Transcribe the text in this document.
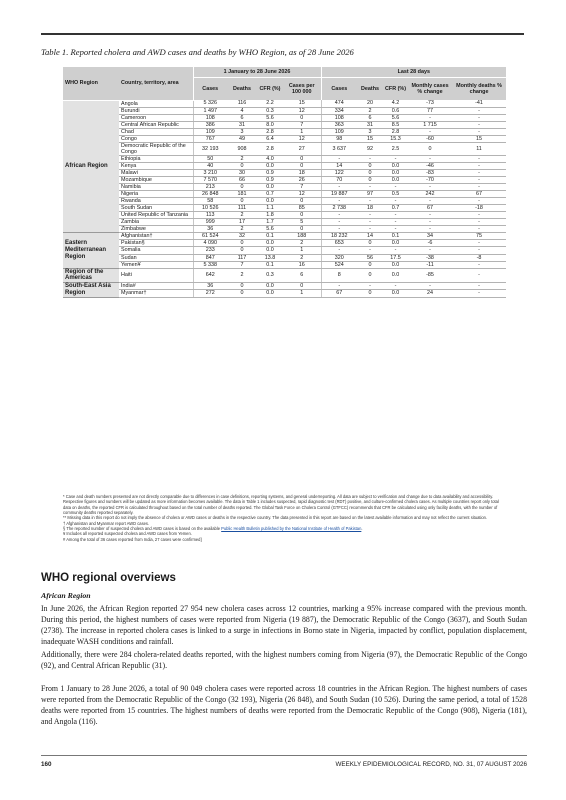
Table 1. Reported cholera and AWD cases and deaths by WHO Region, as of 28 June 2026
WHO Region	Country, territory, area	1 January to 28 June 2026				Last 28 days				
		Cases	Deaths	CFR (%)	Cases per 100 000	Cases	Deaths	CFR (%)	Monthly cases % change	Monthly deaths % change
African Region	Angola	5 326	116	2.2	15	474	20	4.2	-73	-41
	Burundi	1 497	4	0.3	12	334	2	0.6	77	-
	Cameroon	108	6	5.6	0	108	6	5.6	-	-
	Central African Republic	386	31	8.0	7	363	31	8.5	1 715	-
	Chad	109	3	2.8	1	109	3	2.8	-	-
	Congo	767	49	6.4	12	98	15	15.3	-60	15
	Democratic Republic of the Congo	32 193	908	2.8	27	3 637	92	2.5	0	11
	Ethiopia	50	2	4.0	0	-	-	-	-	-
	Kenya	40	0	0.0	0	14	0	0.0	-46	-
	Malawi	3 210	30	0.9	18	122	0	0.0	-83	-
	Mozambique	7 570	66	0.9	26	70	0	0.0	-70	-
	Namibia	213	0	0.0	7	-	-	-	-	-
	Nigeria	26 848	181	0.7	12	19 887	97	0.5	242	67
	Rwanda	58	0	0.0	0	-	-	-	-	-
	South Sudan	10 526	111	1.1	85	2 738	18	0.7	67	-18
	United Republic of Tanzania	113	2	1.8	0	-	-	-	-	-
	Zambia	999	17	1.7	5	-	-	-	-	-
	Zimbabwe	36	2	5.6	0	-	-	-	-	-
Eastern Mediterranean Region	Afghanistan†	61 524	32	0.1	188	18 232	14	0.1	34	75
	Pakistan§	4 090	0	0.0	2	653	0	0.0	-6	-
	Somalia	233	0	0.0	1	-	-	-	-	-
	Sudan	847	117	13.8	2	320	56	17.5	-38	-8
	Yemen¥	5 338	7	0.1	16	524	0	0.0	-11	-
Region of the Americas	Haiti	642	2	0.3	6	8	0	0.0	-85	-
South-East Asia Region	India#	36	0	0.0	0	-	-	-	-	-
	Myanmar†	272	0	0.0	1	67	0	0.0	24	-

* Case and death numbers presented are not directly comparable due to differences in case definitions, reporting systems, and general underreporting. All data are subject to verification and change due to data availability and accessibility. Respective figures and numbers will be updated as more information becomes available. The data in Table 1 includes suspected, rapid diagnostic test (RDT) positive, and culture-confirmed cholera cases. As multiple countries report only total data on deaths, the reported CFR is calculated throughout based on the total number of deaths reported. The Global Task Force on Cholera Control (GTFCC) recommends that CFR be calculated using only facility deaths, with the number of community deaths reported separately.

** Missing data in this report do not imply the absence of cholera or AWD cases or deaths in the respective country. The data presented in this report are based on the latest available information and may not reflect the current situation.

† Afghanistan and Myanmar report AWD cases.

§ The reported number of suspected cholera and AWD cases is based on the available Public Health Bulletin published by the National Institute of Health of Pakistan.

¥ Includes all reported suspected cholera and AWD cases from Yemen.

# Among the total of 36 cases reported from India, 27 cases were confirmed]

WHO regional overviews
African Region

In June 2026, the African Region reported 27 954 new cholera cases across 12 countries, marking a 95% increase compared with the previous month. During this period, the highest numbers of cases were reported from Nigeria (19 887), the Democratic Republic of the Congo (3637), and South Sudan (2738). The increase in reported cholera cases is linked to a surge in infections in Borno state in Nigeria, impacted by conflict, population displacement, inadequate WASH conditions and rainfall.

Additionally, there were 284 cholera-related deaths reported, with the highest numbers coming from Nigeria (97), the Democratic Republic of the Congo (92), and Central African Republic (31).

From 1 January to 28 June 2026, a total of 90 049 cholera cases were reported across 18 countries in the African Region. The highest numbers of cases were reported from the Democratic Republic of the Congo (32 193), Nigeria (26 848), and South Sudan (10 526). During the same period, a total of 1528 deaths were reported from 15 countries. The highest numbers of deaths were reported from the Democratic Republic of the Congo (908), Nigeria (181), and Angola (116).

160	WEEKLY EPIDEMIOLOGICAL RECORD, NO. 31, 07 AUGUST 2026
